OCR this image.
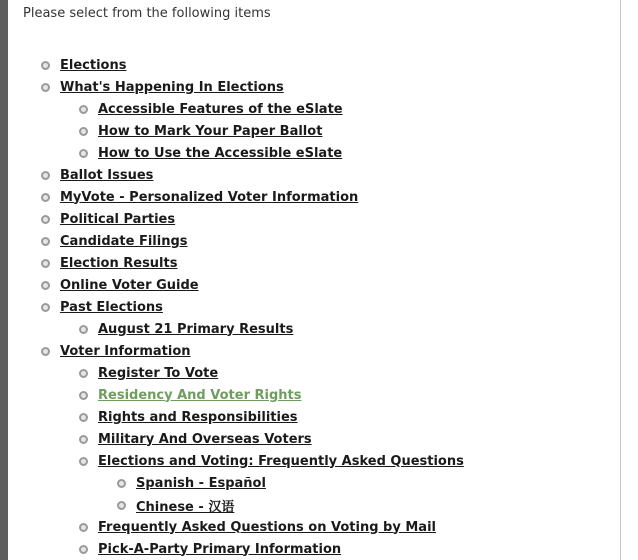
Please select from the following items
Elections
What's Happening In Elections
Accessible Features of the eSlate
How to Mark Your Paper Ballot
How to Use the Accessible eSlate
Ballot Issues
MyVote - Personalized Voter Information
Political Parties
Candidate Filings
Election Results
Online Voter Guide
Past Elections
August 21 Primary Results
Voter Information
Register To Vote
Residency And Voter Rights
Rights and Responsibilities
Military And Overseas Voters
Elections and Voting: Frequently Asked Questions
Spanish - Español
Chinese - 汉语
Frequently Asked Questions on Voting by Mail
Pick-A-Party Primary Information
